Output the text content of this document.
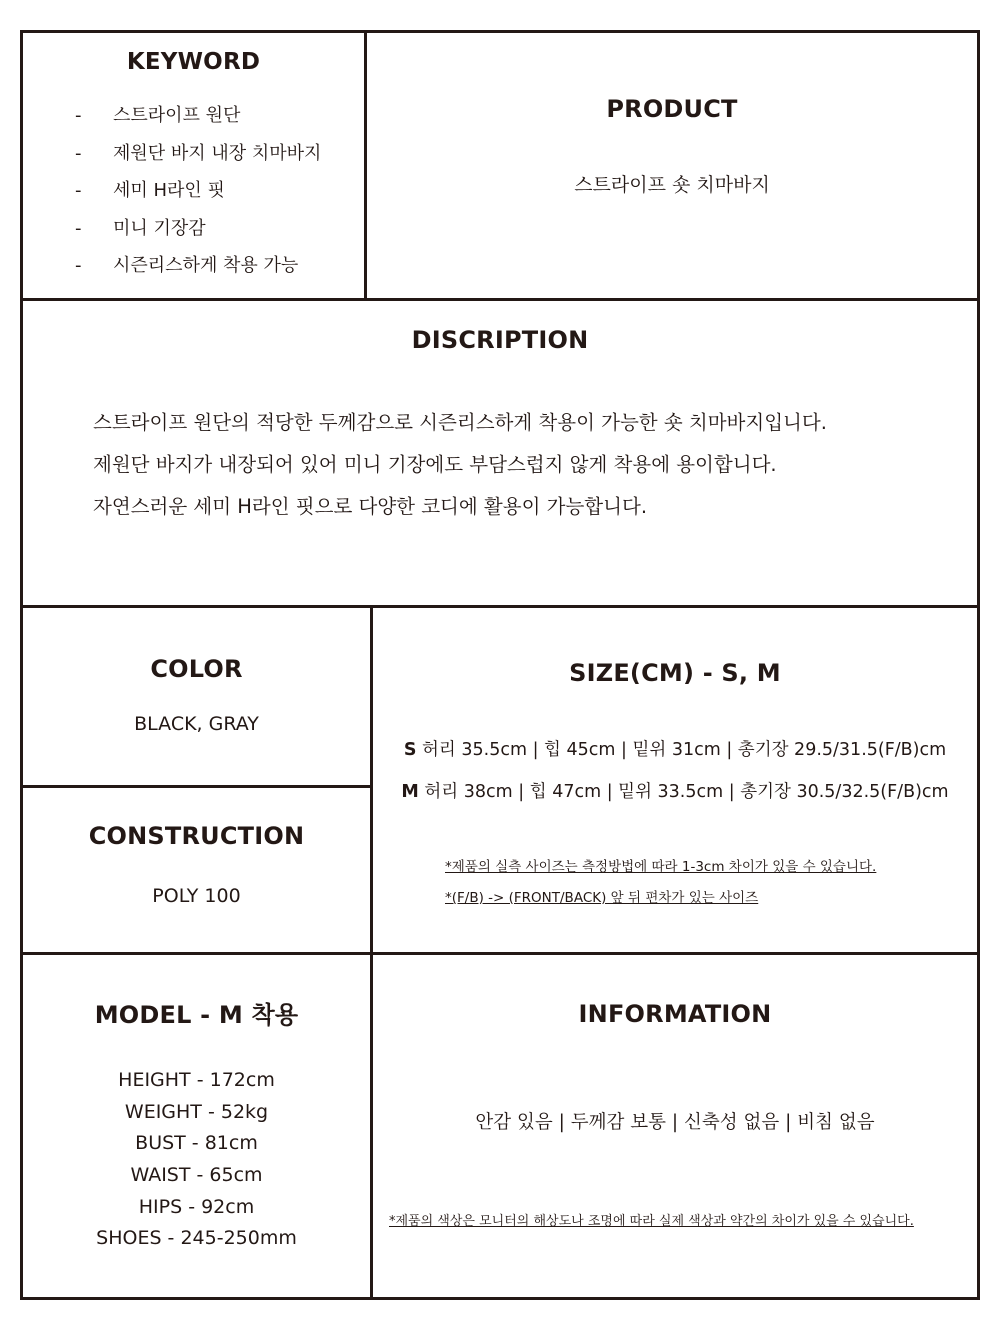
KEYWORD
- 스트라이프 원단
- 제원단 바지 내장 치마바지
- 세미 H라인 핏
- 미니 기장감
- 시즌리스하게 착용 가능
PRODUCT
스트라이프 숏 치마바지
DISCRIPTION

스트라이프 원단의 적당한 두께감으로 시즌리스하게 착용이 가능한 숏 치마바지입니다.

제원단 바지가 내장되어 있어 미니 기장에도 부담스럽지 않게 착용에 용이합니다.

자연스러운 세미 H라인 핏으로 다양한 코디에 활용이 가능합니다.

COLOR
BLACK, GRAY
CONSTRUCTION
POLY 100
SIZE(CM) - S, M
S 허리 35.5cm | 힙 45cm | 밑위 31cm | 총기장 29.5/31.5(F/B)cm
M 허리 38cm | 힙 47cm | 밑위 33.5cm | 총기장 30.5/32.5(F/B)cm
*제품의 실측 사이즈는 측정방법에 따라 1-3cm 차이가 있을 수 있습니다.
*(F/B) -> (FRONT/BACK) 앞 뒤 편차가 있는 사이즈
MODEL - M 착용
HEIGHT - 172cm
WEIGHT - 52kg
BUST - 81cm
WAIST - 65cm
HIPS - 92cm
SHOES - 245-250mm
INFORMATION
안감 있음 | 두께감 보통 | 신축성 없음 | 비침 없음
*제품의 색상은 모니터의 해상도나 조명에 따라 실제 색상과 약간의 차이가 있을 수 있습니다.
